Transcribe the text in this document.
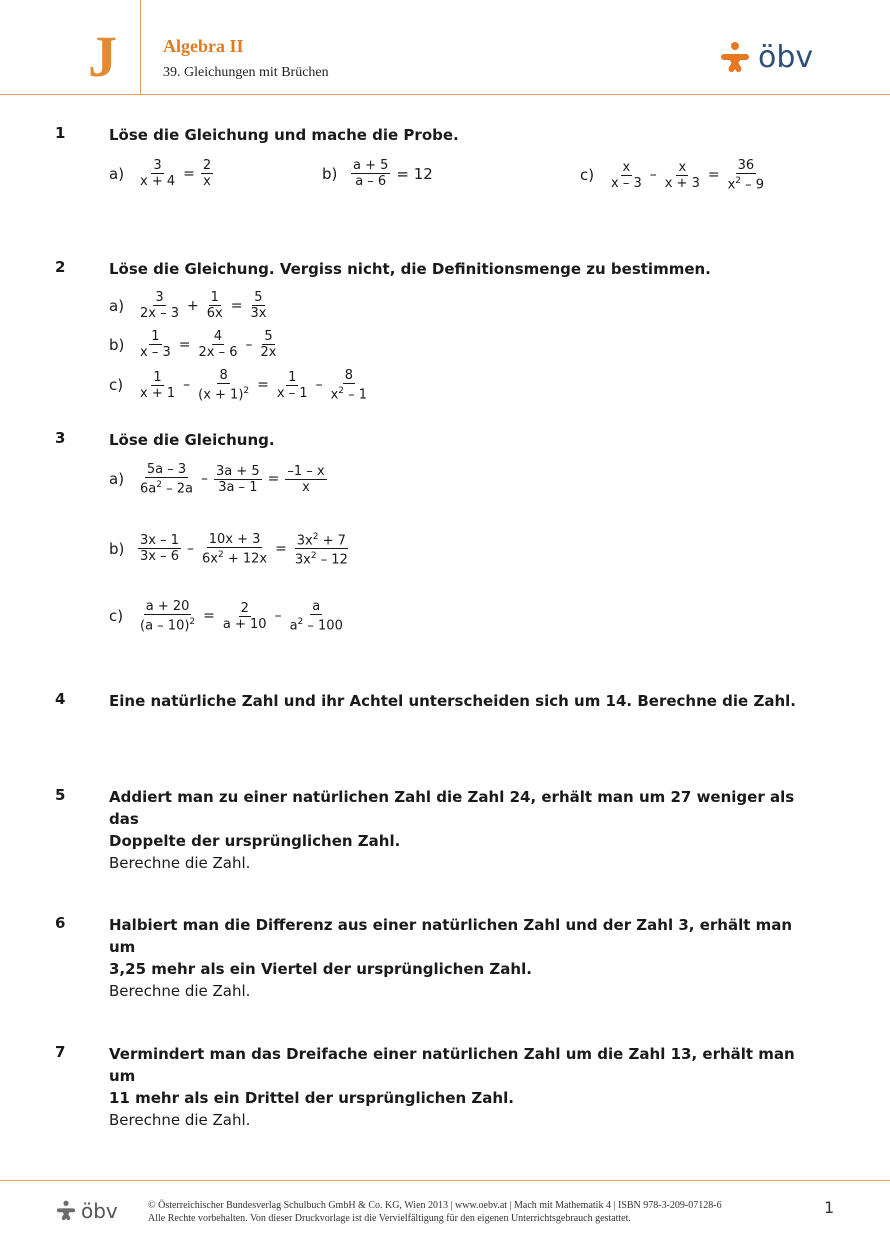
J	Algebra II
39. Gleichungen mit Brüchen	öbv
1	Löse die Gleichung und mache die Probe.
a)	$\frac{3}{x + 4} = \frac{2}{x}$	b)	$\frac{a + 5}{a - 6} = 12$	c)	$\frac{x}{x - 3} - \frac{x}{x + 3} = \frac{36}{x^2 - 9}$
2	Löse die Gleichung. Vergiss nicht, die Definitionsmenge zu bestimmen.
a)	$\frac{3}{2x - 3} + \frac{1}{6x} = \frac{5}{3x}$
b)	$\frac{1}{x - 3} = \frac{4}{2x - 6} - \frac{5}{2x}$
c)	$\frac{1}{x + 1} - \frac{8}{(x + 1)^2} = \frac{1}{x - 1} - \frac{8}{x^2 - 1}$
3	Löse die Gleichung.
a)	$\frac{5a - 3}{6a^2 - 2a} - \frac{3a + 5}{3a - 1} = \frac{-1 - x}{x}$
b)	$\frac{3x - 1}{3x - 6} - \frac{10x + 3}{6x^2 + 12x} = \frac{3x^2 + 7}{3x^2 - 12}$
c)	$\frac{a + 20}{(a - 10)^2} = \frac{2}{a + 10} - \frac{a}{a^2 - 100}$
4	Eine natürliche Zahl und ihr Achtel unterscheiden sich um 14. Berechne die Zahl.
5	Addiert man zu einer natürlichen Zahl die Zahl 24, erhält man um 27 weniger als das
Doppelte der ursprünglichen Zahl.
Berechne die Zahl.
6	Halbiert man die Differenz aus einer natürlichen Zahl und der Zahl 3, erhält man um
3,25 mehr als ein Viertel der ursprünglichen Zahl.
Berechne die Zahl.
7	Vermindert man das Dreifache einer natürlichen Zahl um die Zahl 13, erhält man um
11 mehr als ein Drittel der ursprünglichen Zahl.
Berechne die Zahl.
öbv	© Österreichischer Bundesverlag Schulbuch GmbH & Co. KG, Wien 2013 | www.oebv.at | Mach mit Mathematik 4 | ISBN 978-3-209-07128-6
Alle Rechte vorbehalten. Von dieser Druckvorlage ist die Vervielfältigung für den eigenen Unterrichtsgebrauch gestattet.
1
